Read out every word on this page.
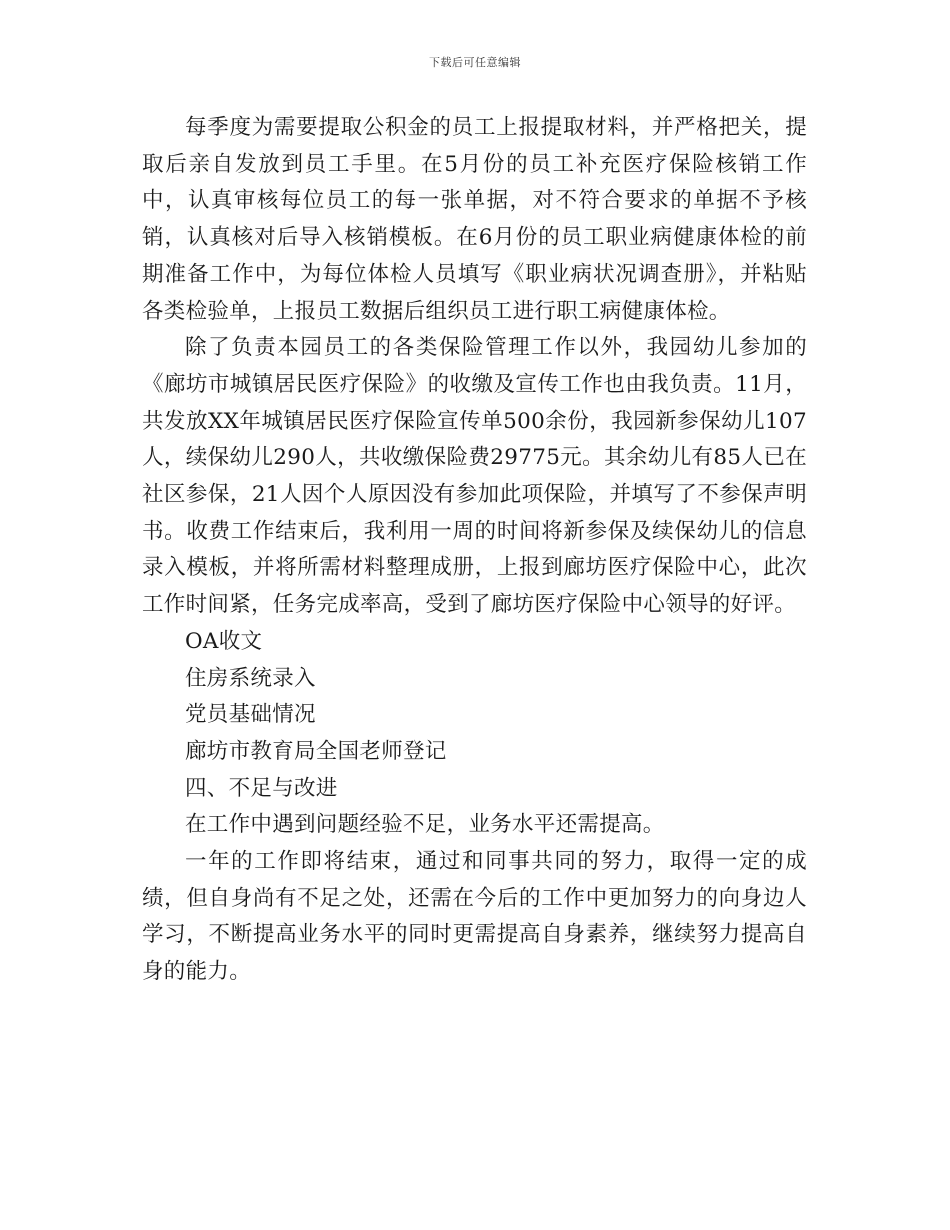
下载后可任意编辑

每季度为需要提取公积金的员工上报提取材料，并严格把关，提取后亲自发放到员工手里。在5月份的员工补充医疗保险核销工作中，认真审核每位员工的每一张单据，对不符合要求的单据不予核销，认真核对后导入核销模板。在6月份的员工职业病健康体检的前期准备工作中，为每位体检人员填写《职业病状况调查册》，并粘贴各类检验单，上报员工数据后组织员工进行职工病健康体检。

除了负责本园员工的各类保险管理工作以外，我园幼儿参加的《廊坊市城镇居民医疗保险》的收缴及宣传工作也由我负责。11月，共发放XX年城镇居民医疗保险宣传单500余份，我园新参保幼儿107人，续保幼儿290人，共收缴保险费29775元。其余幼儿有85人已在社区参保，21人因个人原因没有参加此项保险，并填写了不参保声明书。收费工作结束后，我利用一周的时间将新参保及续保幼儿的信息录入模板，并将所需材料整理成册，上报到廊坊医疗保险中心，此次工作时间紧，任务完成率高，受到了廊坊医疗保险中心领导的好评。

OA收文

住房系统录入

党员基础情况

廊坊市教育局全国老师登记

四、不足与改进

在工作中遇到问题经验不足，业务水平还需提高。

一年的工作即将结束，通过和同事共同的努力，取得一定的成绩，但自身尚有不足之处，还需在今后的工作中更加努力的向身边人学习，不断提高业务水平的同时更需提高自身素养，继续努力提高自身的能力。
